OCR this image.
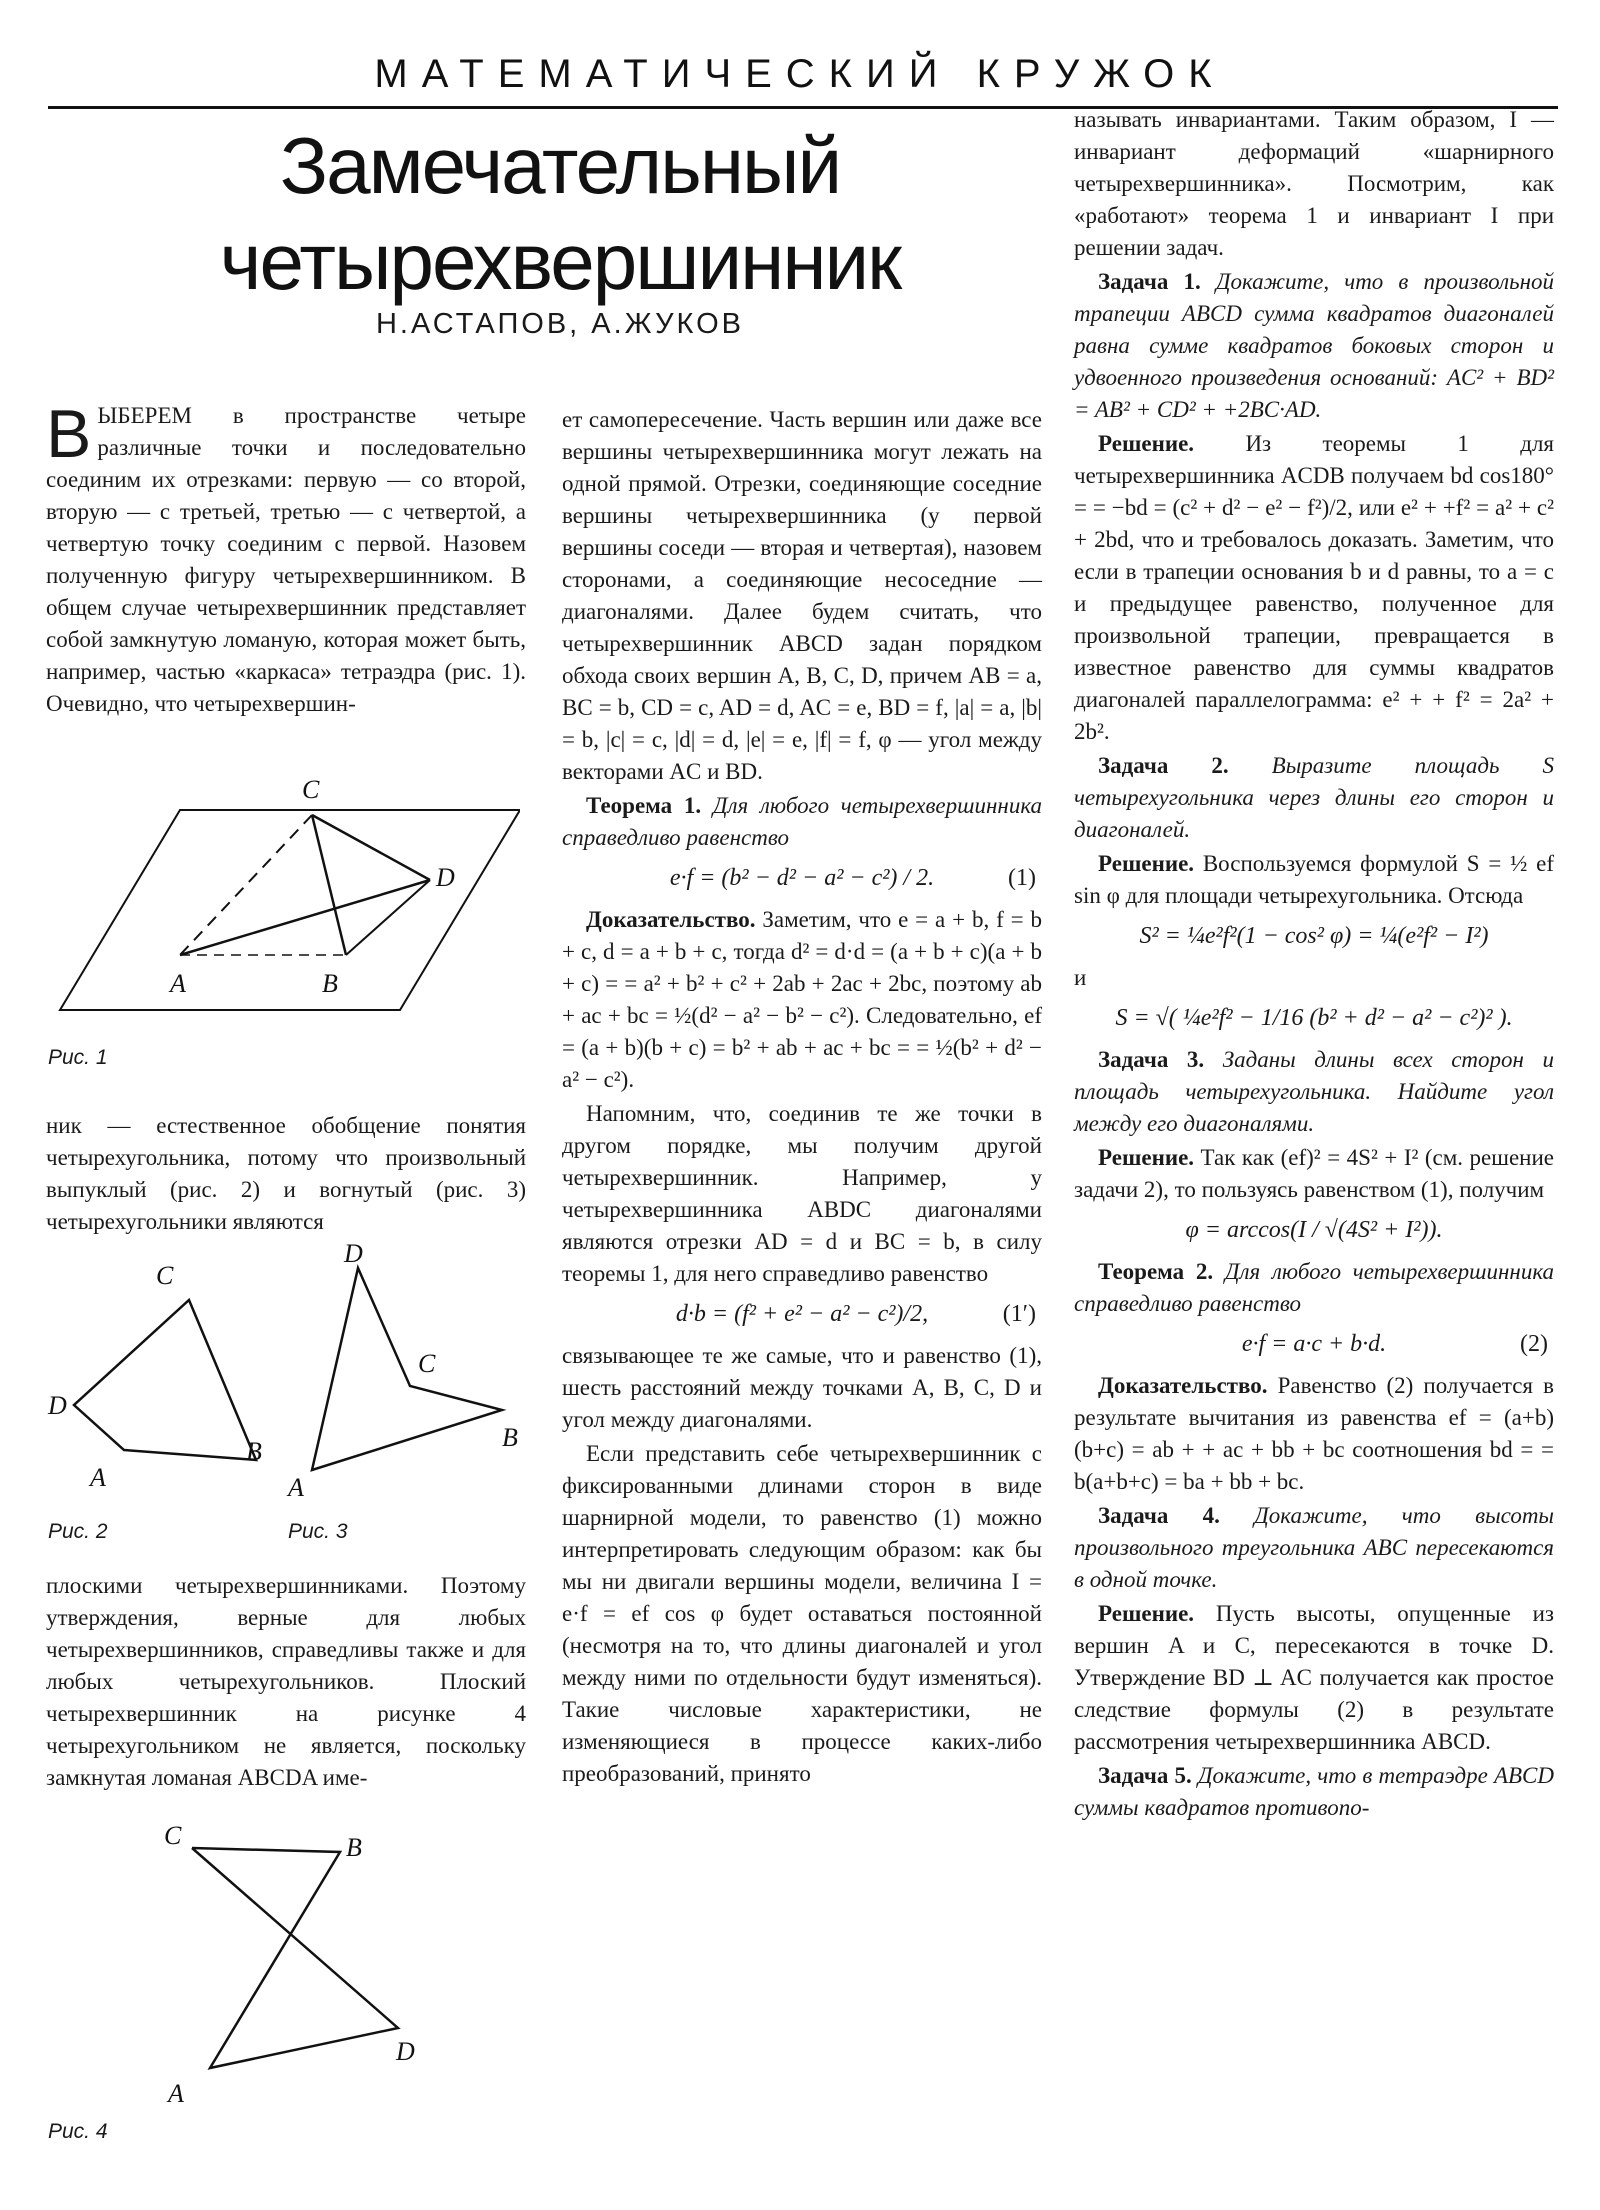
МАТЕМАТИЧЕСКИЙ КРУЖОК
Замечательный
четырехвершинник
Н.АСТАПОВ, А.ЖУКОВ

ВЫБЕРЕМ в пространстве четыре различные точки и последовательно соединим их отрезками: первую — со второй, вторую — с третьей, третью — с четвертой, а четвертую точку соединим с первой. Назовем полученную фигуру четырехвершинником. В общем случае четырехвершинник представляет собой замкнутую ломаную, которая может быть, например, частью «каркаса» тетраэдра (рис. 1). Очевидно, что четырехвершин-

C
D
A	B
Рис. 1

ник — естественное обобщение понятия четырехугольника, потому что произвольный выпуклый (рис. 2) и вогнутый (рис. 3) четырехугольники являются

C
D
A
B
D
C
B
A
Рис. 2	Рис. 3

плоскими четырехвершинниками. Поэтому утверждения, верные для любых четырехвершинников, справедливы также и для любых четырехугольников. Плоский четырехвершинник на рисунке 4 четырехугольником не является, поскольку замкнутая ломаная ABCDA име-

C	B
D
A
Рис. 4

ет самопересечение. Часть вершин или даже все вершины четырехвершинника могут лежать на одной прямой. Отрезки, соединяющие соседние вершины четырехвершинника (у первой вершины соседи — вторая и четвертая), назовем сторонами, а соединяющие несоседние — диагоналями. Далее будем считать, что четырехвершинник ABCD задан порядком обхода своих вершин A, B, C, D, причем AB = a, BC = b, CD = c, AD = d, AC = e, BD = f, |a| = a, |b| = b, |c| = c, |d| = d, |e| = e, |f| = f, φ — угол между векторами AC и BD.

Теорема 1. Для любого четырехвершинника справедливо равенство

e·f = (b² − d² − a² − c²) / 2.	(1)

Доказательство. Заметим, что e = a + b, f = b + c, d = a + b + c, тогда d² = d·d = (a + b + c)(a + b + c) = = a² + b² + c² + 2ab + 2ac + 2bc, поэтому ab + ac + bc = ½(d² − a² − b² − c²). Следовательно, ef = (a + b)(b + c) = b² + ab + ac + bc = = ½(b² + d² − a² − c²).

Напомним, что, соединив те же точки в другом порядке, мы получим другой четырехвершинник. Например, у четырехвершинника ABDC диагоналями являются отрезки AD = d и BC = b, в силу теоремы 1, для него справедливо равенство

d·b = (f² + e² − a² − c²)/2,	(1′)

связывающее те же самые, что и равенство (1), шесть расстояний между точками A, B, C, D и угол между диагоналями.

Если представить себе четырехвершинник с фиксированными длинами сторон в виде шарнирной модели, то равенство (1) можно интерпретировать следующим образом: как бы мы ни двигали вершины модели, величина I = e·f = ef cos φ будет оставаться постоянной (несмотря на то, что длины диагоналей и угол между ними по отдельности будут изменяться). Такие числовые характеристики, не изменяющиеся в процессе каких-либо преобразований, принято

называть инвариантами. Таким образом, I — инвариант деформаций «шарнирного четырехвершинника». Посмотрим, как «работают» теорема 1 и инвариант I при решении задач.

Задача 1. Докажите, что в произвольной трапеции ABCD сумма квадратов диагоналей равна сумме квадратов боковых сторон и удвоенного произведения оснований: AC² + BD² = AB² + CD² + +2BC·AD.

Решение. Из теоремы 1 для четырехвершинника ACDB получаем bd cos180° = = −bd = (c² + d² − e² − f²)/2, или e² + +f² = a² + c² + 2bd, что и требовалось доказать. Заметим, что если в трапеции основания b и d равны, то a = c и предыдущее равенство, полученное для произвольной трапеции, превращается в известное равенство для суммы квадратов диагоналей параллелограмма: e² + + f² = 2a² + 2b².

Задача 2. Выразите площадь S четырехугольника через длины его сторон и диагоналей.

Решение. Воспользуемся формулой S = ½ ef sin φ для площади четырехугольника. Отсюда

S² = ¼e²f²(1 − cos² φ) = ¼(e²f² − I²)

и

S = √( ¼e²f² − 1/16 (b² + d² − a² − c²)² ).

Задача 3. Заданы длины всех сторон и площадь четырехугольника. Найдите угол между его диагоналями.

Решение. Так как (ef)² = 4S² + I² (см. решение задачи 2), то пользуясь равенством (1), получим

φ = arccos(I / √(4S² + I²)).

Теорема 2. Для любого четырехвершинника справедливо равенство

e·f = a·c + b·d.	(2)

Доказательство. Равенство (2) получается в результате вычитания из равенства ef = (a+b)(b+c) = ab + + ac + bb + bc соотношения bd = = b(a+b+c) = ba + bb + bc.

Задача 4. Докажите, что высоты произвольного треугольника ABC пересекаются в одной точке.

Решение. Пусть высоты, опущенные из вершин A и C, пересекаются в точке D. Утверждение BD ⊥ AC получается как простое следствие формулы (2) в результате рассмотрения четырехвершинника ABCD.

Задача 5. Докажите, что в тетраэдре ABCD суммы квадратов противопо-
